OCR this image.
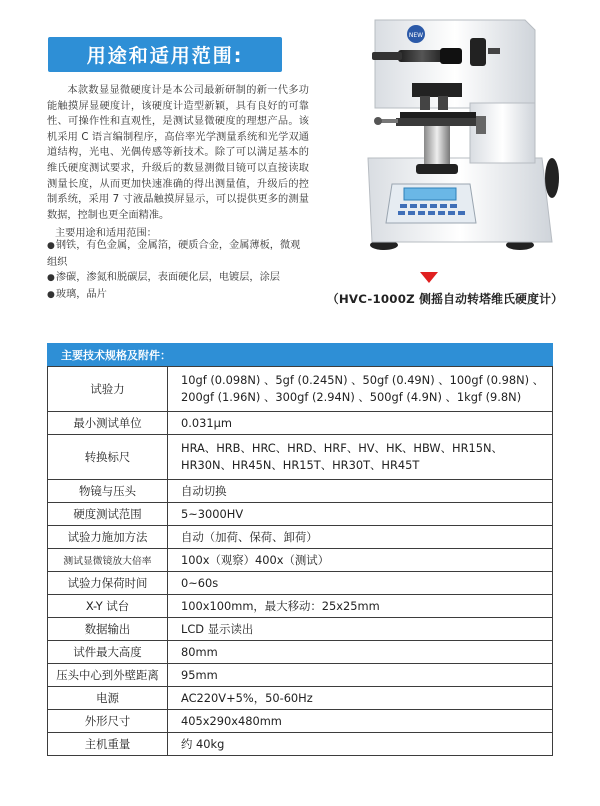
用途和适用范围:
本款数显显微硬度计是本公司最新研制的新一代多功能触摸屏显硬度计，该硬度计造型新颖，具有良好的可靠性、可操作性和直观性，是测试显微硬度的理想产品。该机采用 C 语言编制程序，高倍率光学测量系统和光学双通道结构，光电、光偶传感等新技术。除了可以满足基本的维氏硬度测试要求，升级后的数显测微目镜可以直接读取测量长度，从而更加快速准确的得出测量值，升级后的控制系统，采用 7 寸液晶触摸屏显示，可以提供更多的测量数据，控制也更全面精准。
主要用途和适用范围：
● 钢铁，有色金属，金属箔，硬质合金，金属薄板，微观组织
● 渗碳，渗氮和脱碳层，表面硬化层，电镀层，涂层
● 玻璃，晶片
NEW
（HVC-1000Z 侧摇自动转塔维氏硬度计）
主要技术规格及附件：
试验力	10gf (0.098N) 、5gf (0.245N) 、50gf (0.49N) 、100gf (0.98N) 、200gf (1.96N) 、300gf (2.94N) 、500gf (4.9N) 、1kgf (9.8N)
最小测试单位	0.031μm
转换标尺	HRA、HRB、HRC、HRD、HRF、HV、HK、HBW、HR15N、HR30N、HR45N、HR15T、HR30T、HR45T
物镜与压头	自动切换
硬度测试范围	5~3000HV
试验力施加方法	自动（加荷、保荷、卸荷）
测试显微镜放大倍率	100x（观察）400x（测试）
试验力保荷时间	0~60s
X-Y 试台	100x100mm，最大移动：25x25mm
数据输出	LCD 显示读出
试件最大高度	80mm
压头中心到外壁距离	95mm
电源	AC220V+5%，50-60Hz
外形尺寸	405x290x480mm
主机重量	约 40kg
